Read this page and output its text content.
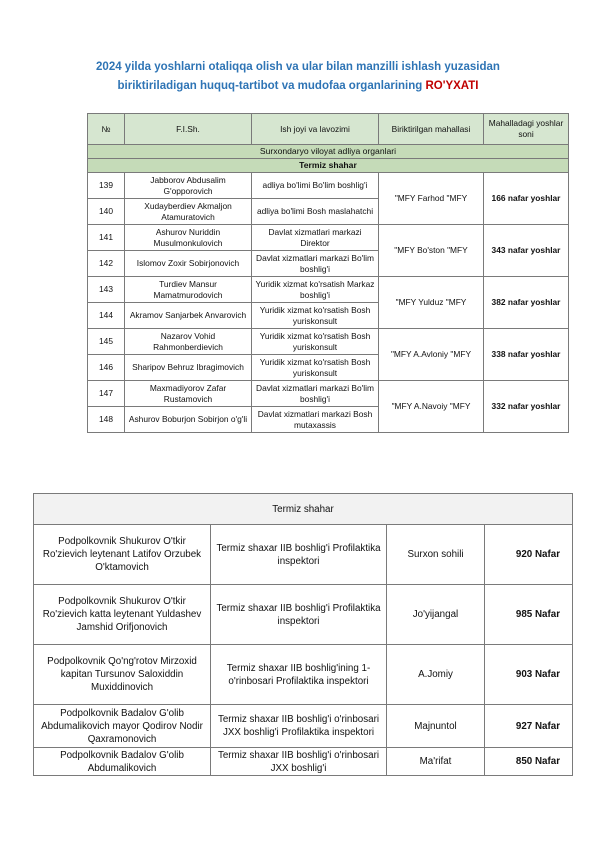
2024 yilda yoshlarni otaliqqa olish va ular bilan manzilli ishlash yuzasidan
biriktiriladigan huquq-tartibot va mudofaa organlarining RO'YXATI
№	F.I.Sh.	Ish joyi va lavozimi	Biriktirilgan mahallasi	Mahalladagi yoshlar soni
Surxondaryo viloyat adliya organlari				
Termiz shahar				
139	Jabborov Abdusalim G'opporovich	adliya bo'limi Bo'lim boshlig'i	"MFY Farhod "MFY	166 nafar yoshlar
140	Xudayberdiev Akmaljon Atamuratovich	adliya bo'limi Bosh maslahatchi		
141	Ashurov Nuriddin Musulmonkulovich	Davlat xizmatlari markazi Direktor	"MFY Bo'ston "MFY	343 nafar yoshlar
142	Islomov Zoxir Sobirjonovich	Davlat xizmatlari markazi Bo'lim boshlig'i		
143	Turdiev Mansur Mamatmurodovich	Yuridik xizmat ko'rsatish Markaz boshlig'i	"MFY Yulduz "MFY	382 nafar yoshlar
144	Akramov Sanjarbek Anvarovich	Yuridik xizmat ko'rsatish Bosh yuriskonsult		
145	Nazarov Vohid Rahmonberdievich	Yuridik xizmat ko'rsatish Bosh yuriskonsult	"MFY A.Avloniy "MFY	338 nafar yoshlar
146	Sharipov Behruz Ibragimovich	Yuridik xizmat ko'rsatish Bosh yuriskonsult		
147	Maxmadiyorov Zafar Rustamovich	Davlat xizmatlari markazi Bo'lim boshlig'i	"MFY A.Navoiy "MFY	332 nafar yoshlar
148	Ashurov Boburjon Sobirjon o'g'li	Davlat xizmatlari markazi Bosh mutaxassis		
Termiz shahar			
Podpolkovnik Shukurov O'tkir Ro'zievich leytenant Latifov Orzubek O'ktamovich	Termiz shaxar IIB boshlig'i Profilaktika inspektori	Surxon sohili	920 Nafar
Podpolkovnik Shukurov O'tkir Ro'zievich katta leytenant Yuldashev Jamshid Orifjonovich	Termiz shaxar IIB boshlig'i Profilaktika inspektori	Jo'yijangal	985 Nafar
Podpolkovnik Qo'ng'rotov Mirzoxid kapitan Tursunov Saloxiddin Muxiddinovich	Termiz shaxar IIB boshlig'ining 1-o'rinbosari Profilaktika inspektori	A.Jomiy	903 Nafar
Podpolkovnik Badalov G'olib Abdumalikovich mayor Qodirov Nodir Qaxramonovich	Termiz shaxar IIB boshlig'i o'rinbosari JXX boshlig'i Profilaktika inspektori	Majnuntol	927 Nafar
Podpolkovnik Badalov G'olib Abdumalikovich	Termiz shaxar IIB boshlig'i o'rinbosari JXX boshlig'i	Ma'rifat	850 Nafar
